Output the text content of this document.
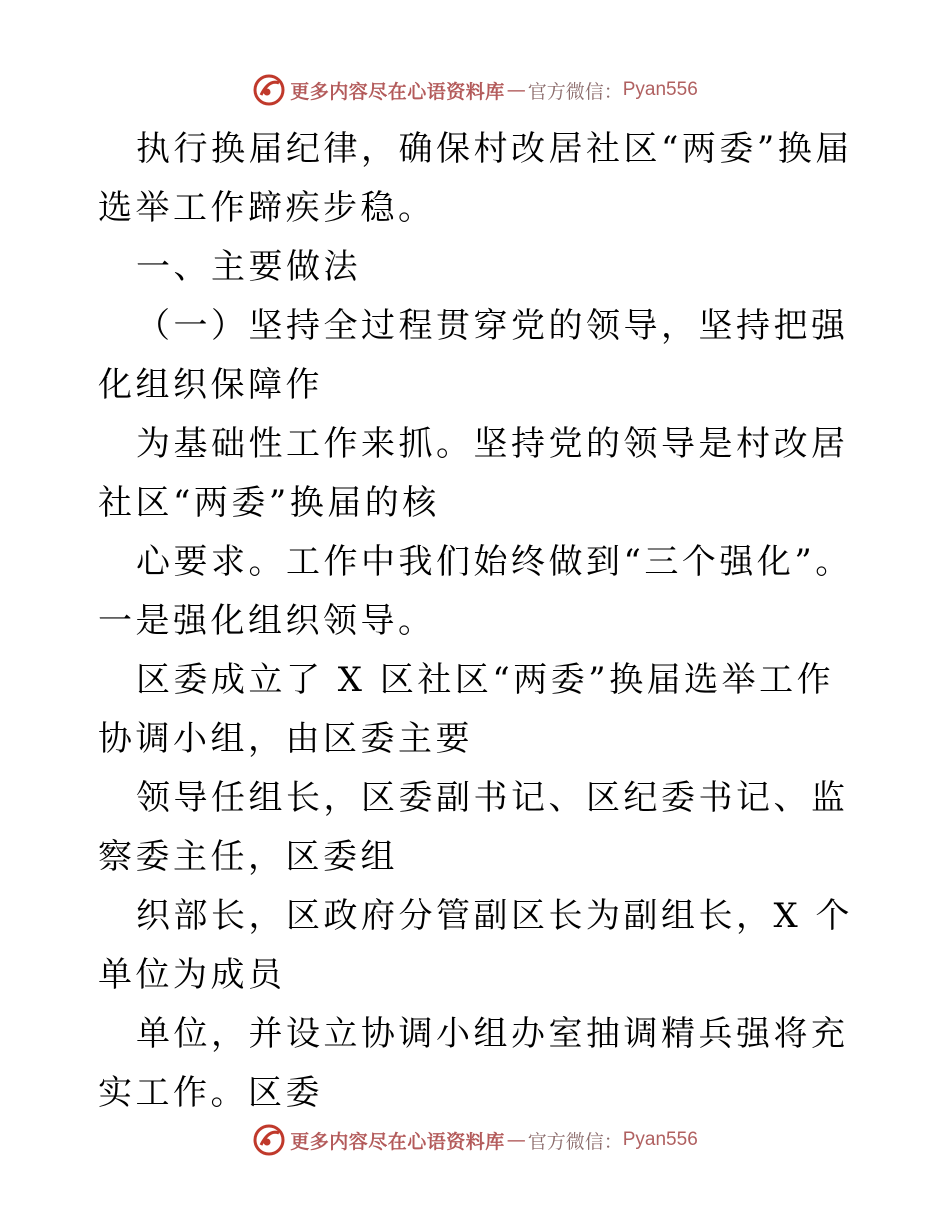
更多内容尽在心语资料库 — 官方微信： Pyan556

执行换届纪律，确保村改居社区“两委”换届选举工作蹄疾步稳。

一、主要做法

（一）坚持全过程贯穿党的领导，坚持把强化组织保障作

为基础性工作来抓。坚持党的领导是村改居社区“两委”换届的核

心要求。工作中我们始终做到“三个强化”。一是强化组织领导。

区委成立了 X 区社区“两委”换届选举工作协调小组，由区委主要

领导任组长，区委副书记、区纪委书记、监察委主任，区委组

织部长，区政府分管副区长为副组长，X 个单位为成员

单位，并设立协调小组办室抽调精兵强将充实工作。区委

更多内容尽在心语资料库 — 官方微信： Pyan556
